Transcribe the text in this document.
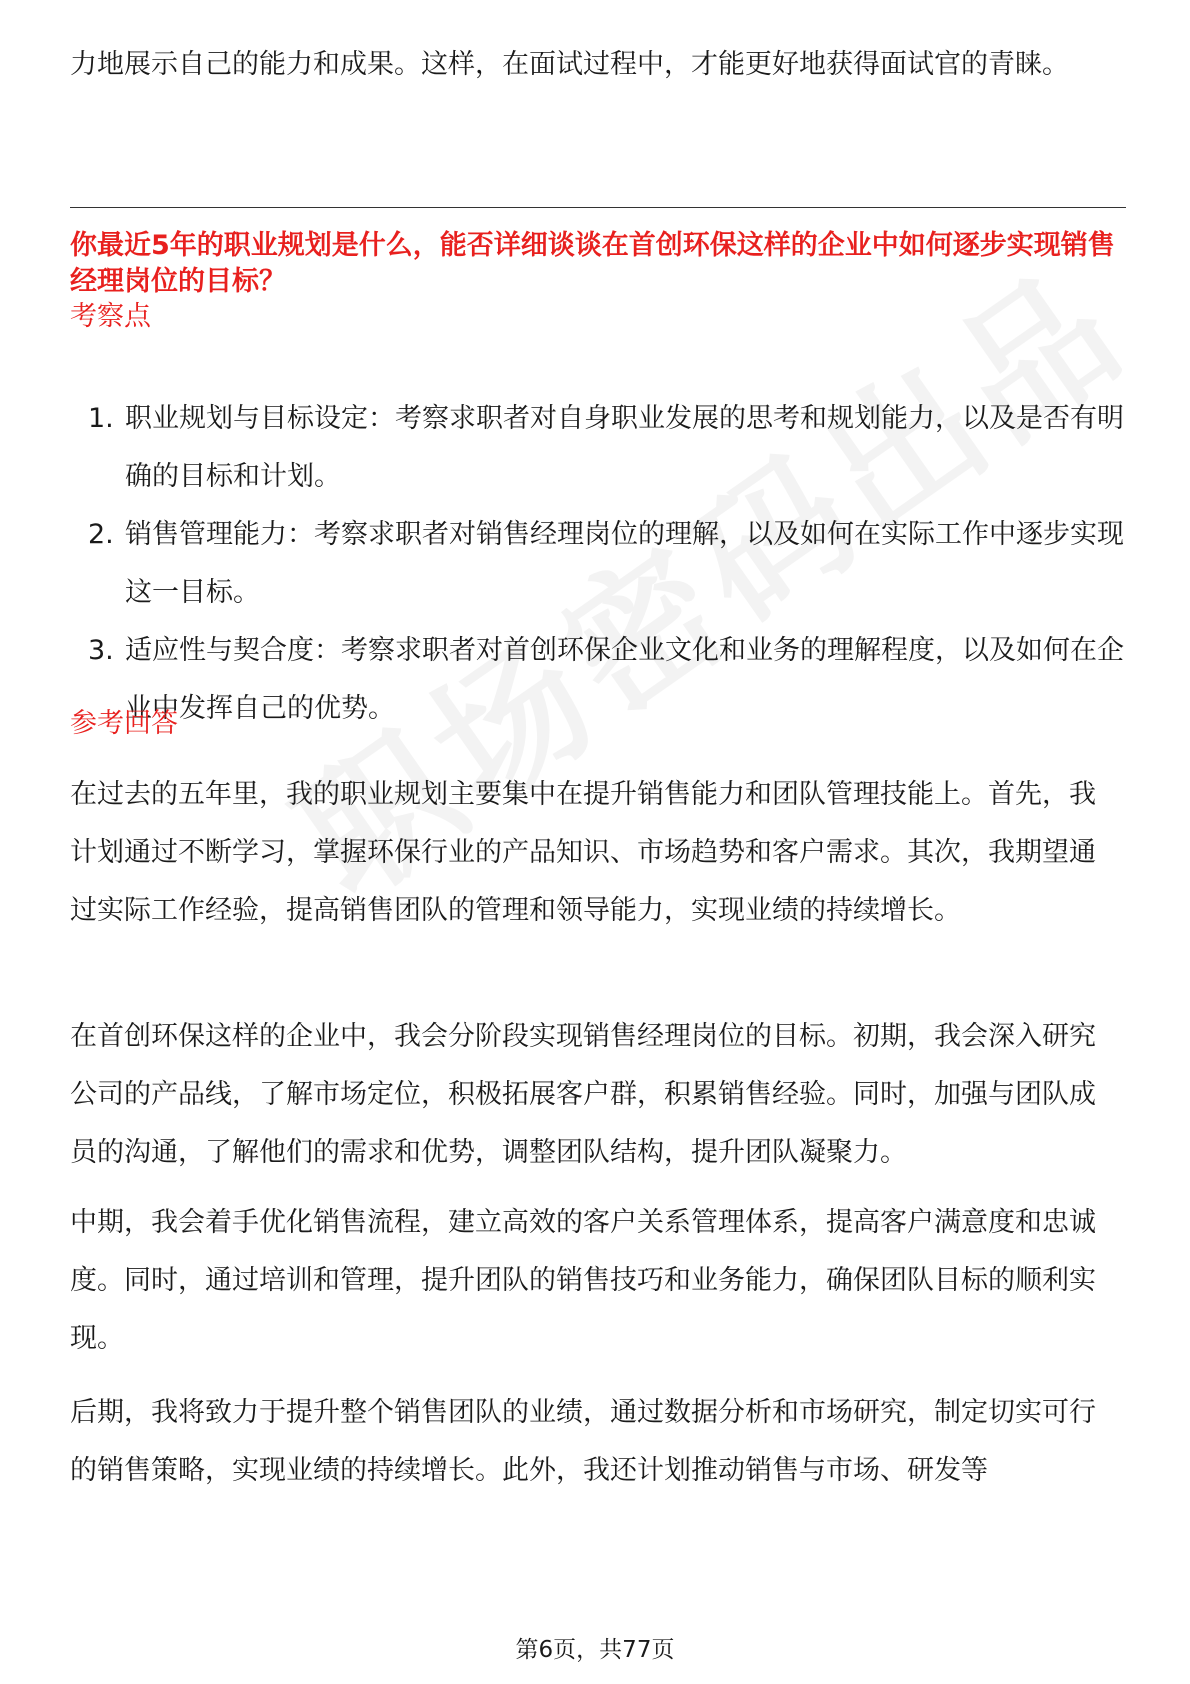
力地展示自己的能力和成果。这样，在面试过程中，才能更好地获得面试官的青睐。

你最近5年的职业规划是什么，能否详细谈谈在首创环保这样的企业中如何逐步实现销售经理岗位的目标？

考察点

1. 职业规划与目标设定：考察求职者对自身职业发展的思考和规划能力，以及是否有明确的目标和计划。
2. 销售管理能力：考察求职者对销售经理岗位的理解，以及如何在实际工作中逐步实现这一目标。
3. 适应性与契合度：考察求职者对首创环保企业文化和业务的理解程度，以及如何在企业中发挥自己的优势。

参考回答

在过去的五年里，我的职业规划主要集中在提升销售能力和团队管理技能上。首先，我计划通过不断学习，掌握环保行业的产品知识、市场趋势和客户需求。其次，我期望通过实际工作经验，提高销售团队的管理和领导能力，实现业绩的持续增长。

在首创环保这样的企业中，我会分阶段实现销售经理岗位的目标。初期，我会深入研究公司的产品线，了解市场定位，积极拓展客户群，积累销售经验。同时，加强与团队成员的沟通，了解他们的需求和优势，调整团队结构，提升团队凝聚力。

中期，我会着手优化销售流程，建立高效的客户关系管理体系，提高客户满意度和忠诚度。同时，通过培训和管理，提升团队的销售技巧和业务能力，确保团队目标的顺利实现。

后期，我将致力于提升整个销售团队的业绩，通过数据分析和市场研究，制定切实可行的销售策略，实现业绩的持续增长。此外，我还计划推动销售与市场、研发等

第6页，共77页
